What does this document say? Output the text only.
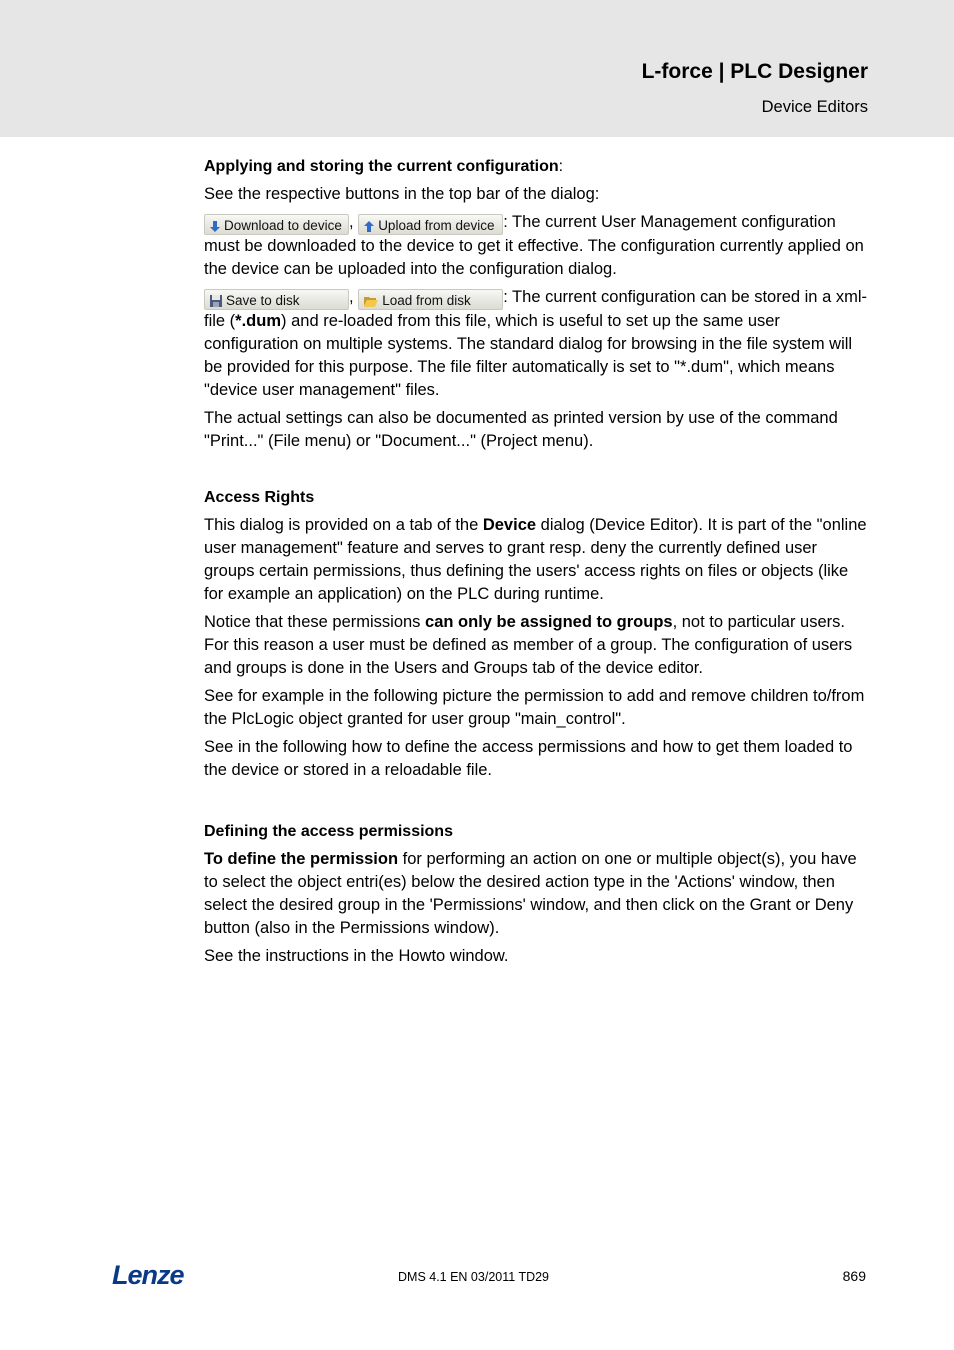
L-force | PLC Designer
Device Editors

Applying and storing the current configuration:

See the respective buttons in the top bar of the dialog:

Download to device , Upload from device : The current User Management configuration must be downloaded to the device to get it effective. The configuration currently applied on the device can be uploaded into the configuration dialog.

Save to disk	, Load from disk : The current configuration can be stored in a xml-file (*.dum) and re-loaded from this file, which is useful to set up the same user configuration on multiple systems. The standard dialog for browsing in the file system will be provided for this purpose. The file filter automatically is set to "*.dum", which means "device user management" files.

The actual settings can also be documented as printed version by use of the command "Print..." (File menu) or "Document..." (Project menu).

Access Rights

This dialog is provided on a tab of the Device dialog (Device Editor). It is part of the "online user management" feature and serves to grant resp. deny the currently defined user groups certain permissions, thus defining the users' access rights on files or objects (like for example an application) on the PLC during runtime.

Notice that these permissions can only be assigned to groups, not to particular users. For this reason a user must be defined as member of a group. The configuration of users and groups is done in the Users and Groups tab of the device editor.

See for example in the following picture the permission to add and remove children to/from the PlcLogic object granted for user group "main_control".

See in the following how to define the access permissions and how to get them loaded to the device or stored in a reloadable file.

Defining the access permissions

To define the permission for performing an action on one or multiple object(s), you have to select the object entri(es) below the desired action type in the 'Actions' window, then select the desired group in the 'Permissions' window, and then click on the Grant or Deny button (also in the Permissions window).

See the instructions in the Howto window.

Lenze	DMS 4.1 EN 03/2011 TD29	869
